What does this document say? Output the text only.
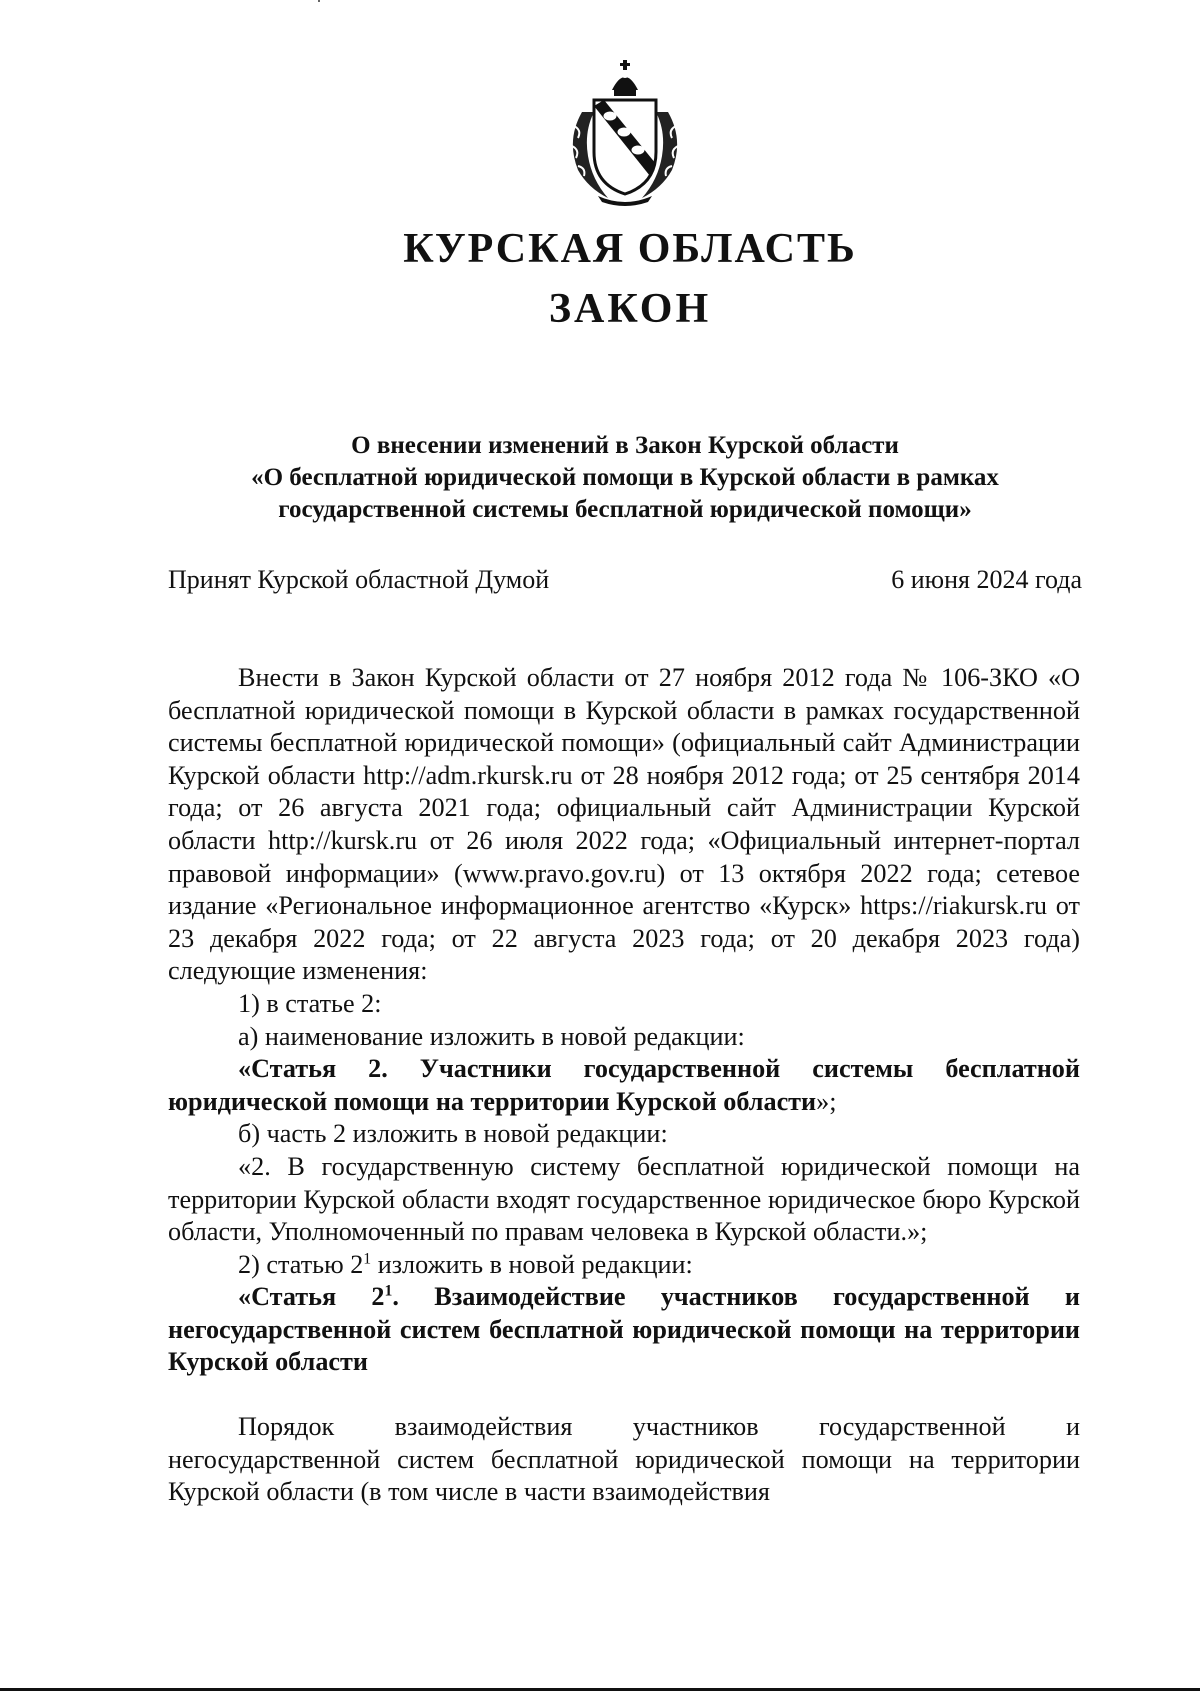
КУРСКАЯ ОБЛАСТЬ
ЗАКОН
О внесении изменений в Закон Курской области
«О бесплатной юридической помощи в Курской области в рамках
государственной системы бесплатной юридической помощи»
Принят Курской областной Думой	6 июня 2024 года

Внести в Закон Курской области от 27 ноября 2012 года № 106-ЗКО «О бесплатной юридической помощи в Курской области в рамках государственной системы бесплатной юридической помощи» (официальный сайт Администрации Курской области http://adm.rkursk.ru от 28 ноября 2012 года; от 25 сентября 2014 года; от 26 августа 2021 года; официальный сайт Администрации Курской области http://kursk.ru от 26 июля 2022 года; «Официальный интернет-портал правовой информации» (www.pravo.gov.ru) от 13 октября 2022 года; сетевое издание «Региональное информационное агентство «Курск» https://riakursk.ru от 23 декабря 2022 года; от 22 августа 2023 года; от 20 декабря 2023 года) следующие изменения:

1) в статье 2:

а) наименование изложить в новой редакции:

«Статья 2. Участники государственной системы бесплатной юридической помощи на территории Курской области»;

б) часть 2 изложить в новой редакции:

«2. В государственную систему бесплатной юридической помощи на территории Курской области входят государственное юридическое бюро Курской области, Уполномоченный по правам человека в Курской области.»;

2) статью $2^1$ изложить в новой редакции:

«Статья $2^1$. Взаимодействие участников государственной и негосударственной систем бесплатной юридической помощи на территории Курской области

Порядок взаимодействия участников государственной и негосударственной систем бесплатной юридической помощи на территории Курской области (в том числе в части взаимодействия
